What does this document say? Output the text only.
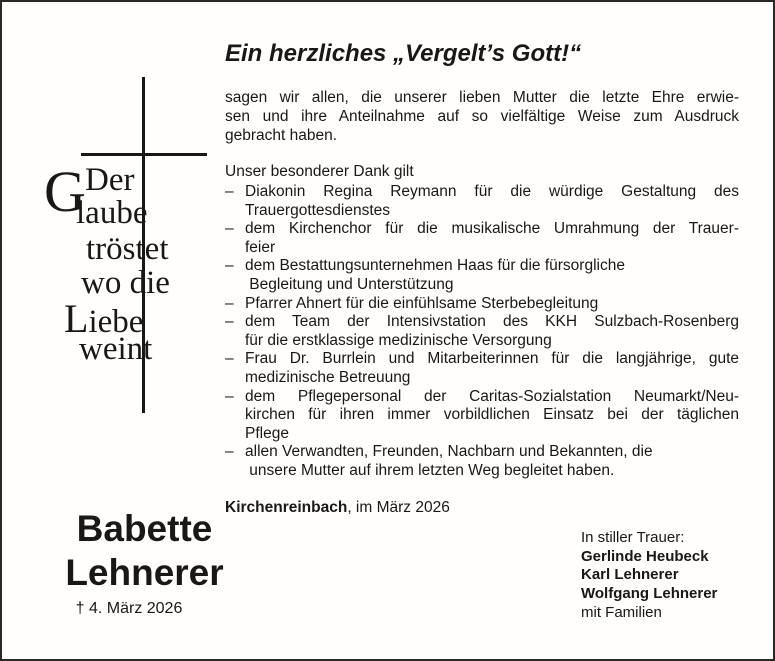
G Der
laube
tröstet
wo die
Liebe
weint
Babette
Lehnerer
† 4. März 2026
Ein herzliches „Vergelt’s Gott!“
sagen wir allen, die unserer lieben Mutter die letzte Ehre erwie-
sen und ihre Anteilnahme auf so vielfältige Weise zum Ausdruck
gebracht haben.
Unser besonderer Dank gilt
– Diakonin Regina Reymann für die würdige Gestaltung des
Trauergottesdienstes
– dem Kirchenchor für die musikalische Umrahmung der Trauer-
feier
– dem Bestattungsunternehmen Haas für die fürsorgliche
Begleitung und Unterstützung
– Pfarrer Ahnert für die einfühlsame Sterbebegleitung
– dem Team der Intensivstation des KKH Sulzbach-Rosenberg
für die erstklassige medizinische Versorgung
– Frau Dr. Burrlein und Mitarbeiterinnen für die langjährige, gute
medizinische Betreuung
– dem Pflegepersonal der Caritas-Sozialstation Neumarkt/Neu-
kirchen für ihren immer vorbildlichen Einsatz bei der täglichen
Pflege
– allen Verwandten, Freunden, Nachbarn und Bekannten, die
unsere Mutter auf ihrem letzten Weg begleitet haben.
Kirchenreinbach, im März 2026
In stiller Trauer:
Gerlinde Heubeck
Karl Lehnerer
Wolfgang Lehnerer
mit Familien
